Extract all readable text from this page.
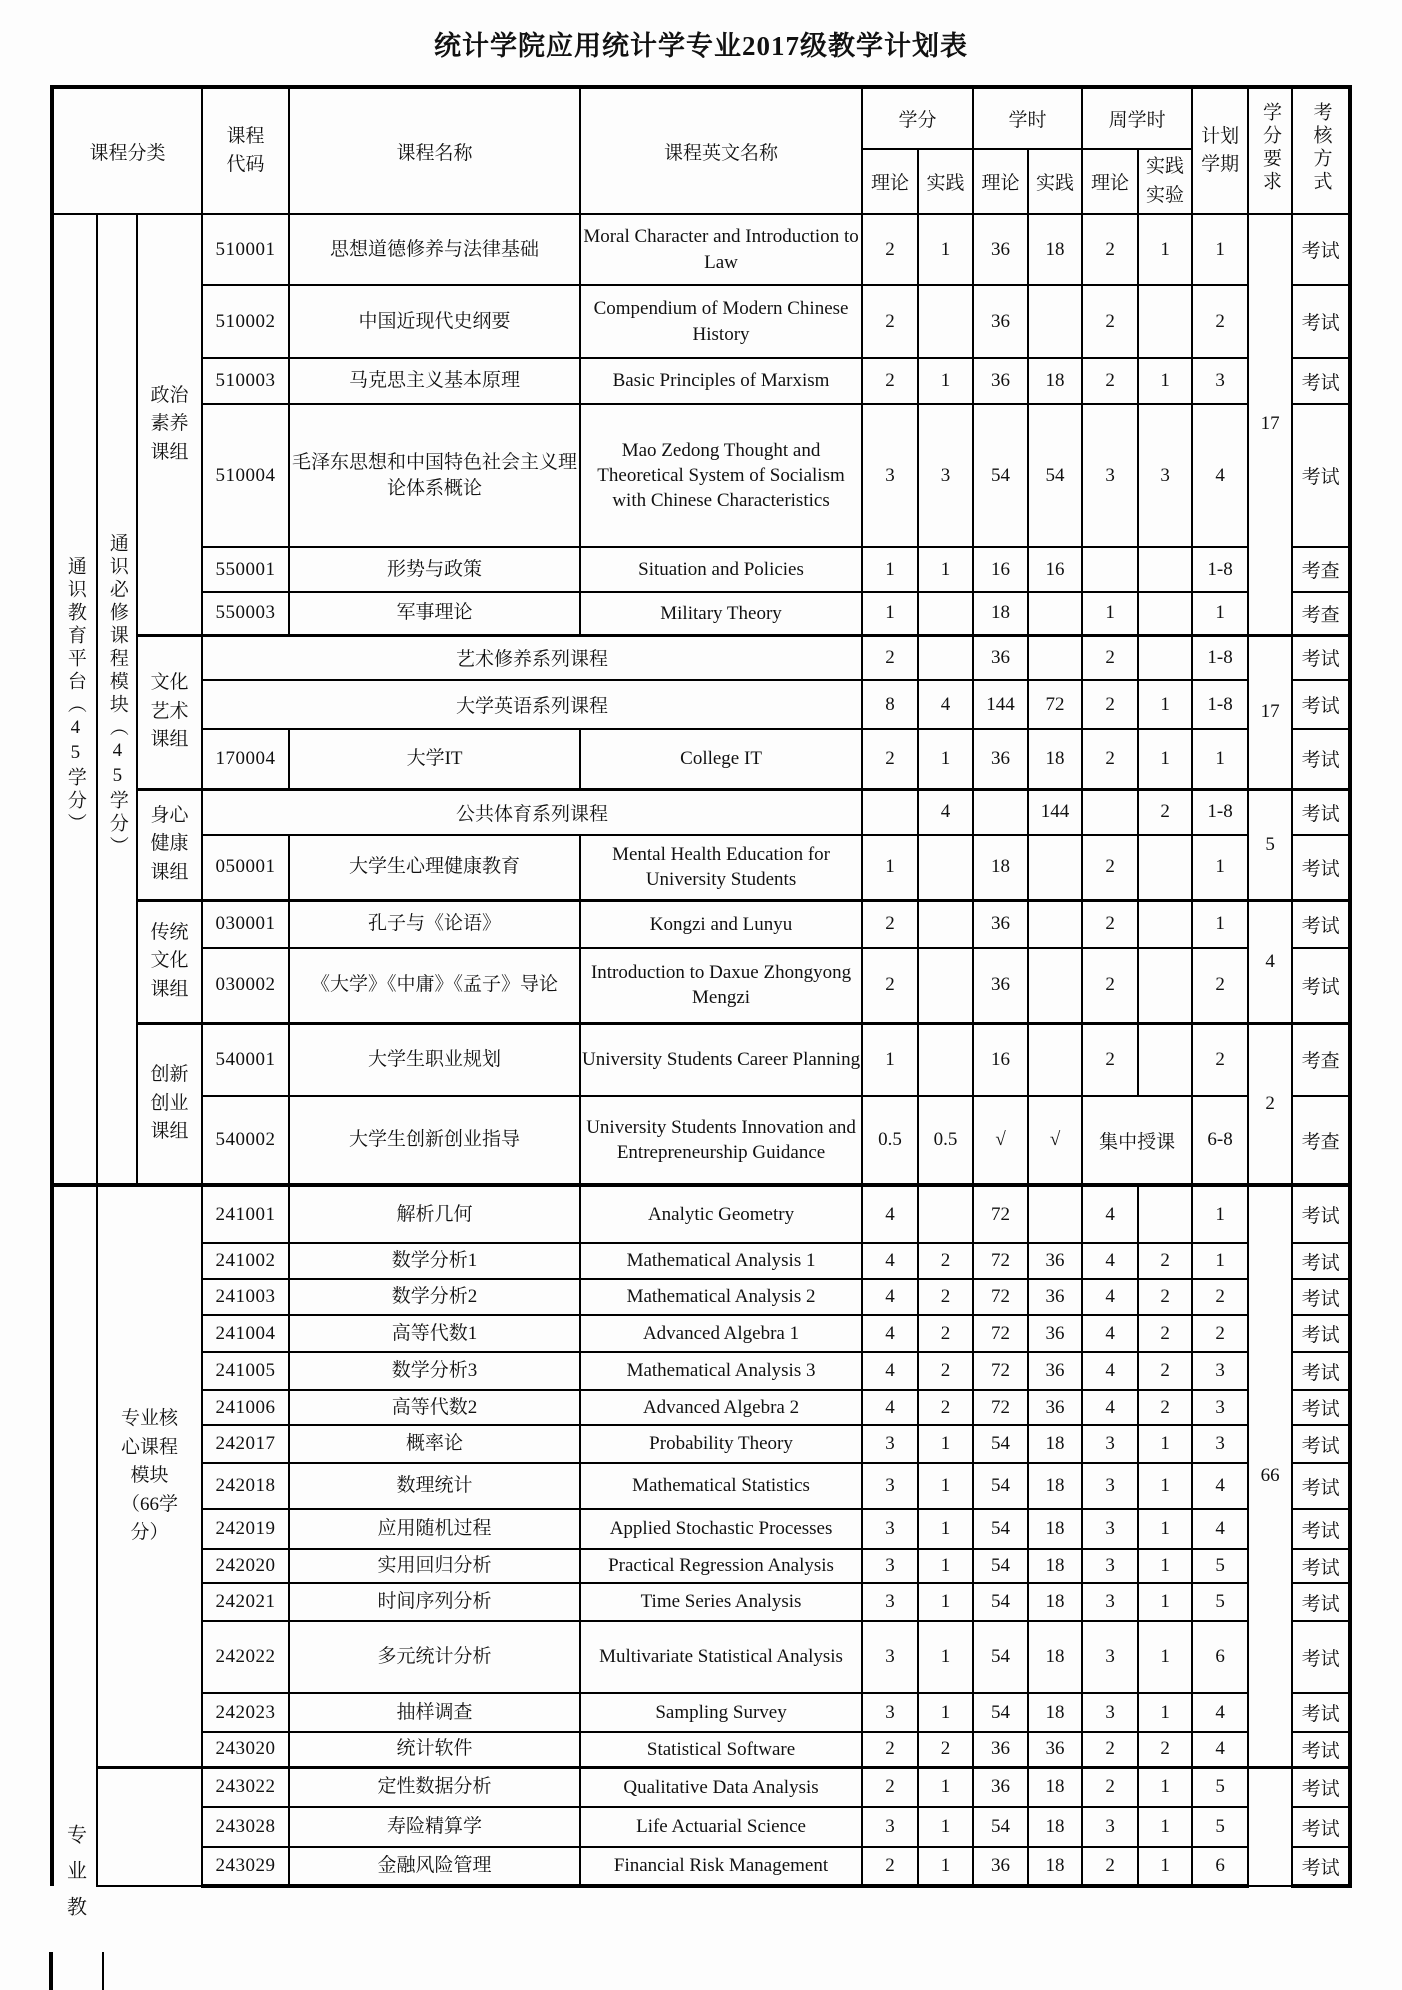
统计学院应用统计学专业2017级教学计划表
课程分类			课程代码	课程名称	课程英文名称	学分		学时		周学时		计划学期	学分要求	考核方式
						理论	实践	理论	实践	理论	实践实验			

通识教育平台（45学分）	通识必修课程模块（45学分）	政治素养课组	510001	思想道德修养与法律基础	Moral Character and Introduction to Law	2	1	36	18	2	1	1	17	考试
			510002	中国近现代史纲要	Compendium of Modern Chinese History	2		36		2		2		考试
			510003	马克思主义基本原理	Basic Principles of Marxism	2	1	36	18	2	1	3		考试
			510004	毛泽东思想和中国特色社会主义理论体系概论	Mao Zedong Thought and Theoretical System of Socialism with Chinese Characteristics	3	3	54	54	3	3	4		考试
			550001	形势与政策	Situation and Policies	1	1	16	16			1-8		考查
			550003	军事理论	Military Theory	1		18		1		1		考查

		文化艺术课组	艺术修养系列课程			2		36		2		1-8	17	考试
			大学英语系列课程			8	4	144	72	2	1	1-8		考试
			170004	大学IT	College IT	2	1	36	18	2	1	1		考试

		身心健康课组	公共体育系列课程				4		144		2	1-8	5	考试
			050001	大学生心理健康教育	Mental Health Education for University Students	1		18		2		1		考试

		传统文化课组	030001	孔子与《论语》	Kongzi and Lunyu	2		36		2		1	4	考试
			030002	《大学》《中庸》《孟子》导论	Introduction to Daxue Zhongyong Mengzi	2		36		2		2		考试

		创新创业课组	540001	大学生职业规划	University Students Career Planning	1		16		2		2	2	考查
			540002	大学生创新创业指导	University Students Innovation and Entrepreneurship Guidance	0.5	0.5	√	√	集中授课		6-8		考查

专业教	专业核心课程模块（66学分）		241001	解析几何	Analytic Geometry	4		72		4		1	66	考试
			241002	数学分析1	Mathematical Analysis 1	4	2	72	36	4	2	1		考试
			241003	数学分析2	Mathematical Analysis 2	4	2	72	36	4	2	2		考试
			241004	高等代数1	Advanced Algebra 1	4	2	72	36	4	2	2		考试
			241005	数学分析3	Mathematical Analysis 3	4	2	72	36	4	2	3		考试
			241006	高等代数2	Advanced Algebra 2	4	2	72	36	4	2	3		考试
			242017	概率论	Probability Theory	3	1	54	18	3	1	3		考试
			242018	数理统计	Mathematical Statistics	3	1	54	18	3	1	4		考试
			242019	应用随机过程	Applied Stochastic Processes	3	1	54	18	3	1	4		考试
			242020	实用回归分析	Practical Regression Analysis	3	1	54	18	3	1	5		考试
			242021	时间序列分析	Time Series Analysis	3	1	54	18	3	1	5		考试
			242022	多元统计分析	Multivariate Statistical Analysis	3	1	54	18	3	1	6		考试
			242023	抽样调查	Sampling Survey	3	1	54	18	3	1	4		考试
			243020	统计软件	Statistical Software	2	2	36	36	2	2	4		考试
			243022	定性数据分析	Qualitative Data Analysis	2	1	36	18	2	1	5		考试
			243028	寿险精算学	Life Actuarial Science	3	1	54	18	3	1	5		考试
			243029	金融风险管理	Financial Risk Management	2	1	36	18	2	1	6		考试
